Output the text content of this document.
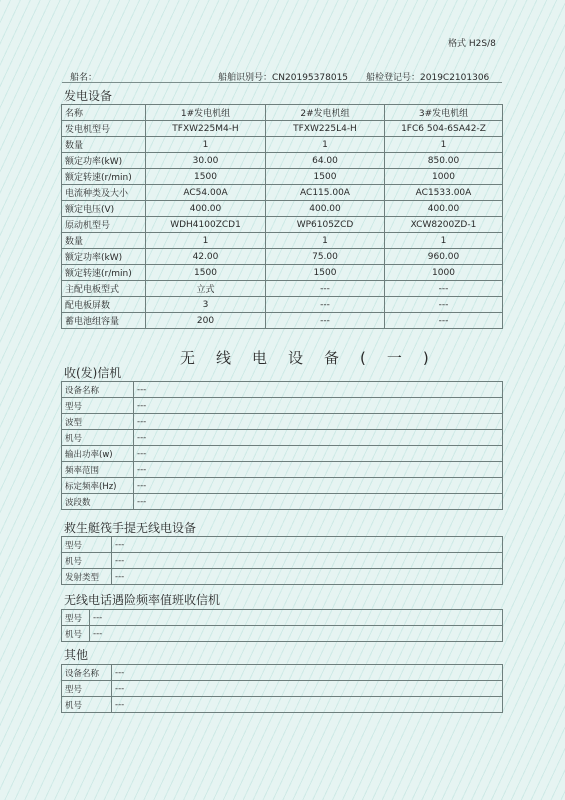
格式 H2S/8
船名：	船舶识别号：CN20195378015 船检登记号：2019C2101306
发电设备
名称	1#发电机组	2#发电机组	3#发电机组
发电机型号	TFXW225M4-H	TFXW225L4-H	1FC6 504-6SA42-Z
数量	1	1	1
额定功率(kW)	30.00	64.00	850.00
额定转速(r/min)	1500	1500	1000
电流种类及大小	AC54.00A	AC115.00A	AC1533.00A
额定电压(V)	400.00	400.00	400.00
原动机型号	WDH4100ZCD1	WP6105ZCD	XCW8200ZD-1
数量	1	1	1
额定功率(kW)	42.00	75.00	960.00
额定转速(r/min)	1500	1500	1000
主配电板型式	立式	---	---
配电板屏数	3	---	---
蓄电池组容量	200	---	---
无线电设备(一)
收(发)信机
设备名称	---
型号	---
波型	---
机号	---
输出功率(w)	---
频率范围	---
标定频率(Hz)	---
波段数	---
救生艇筏手提无线电设备
型号	---
机号	---
发射类型	---
无线电话遇险频率值班收信机
型号	---
机号	---
其他
设备名称	---
型号	---
机号	---
